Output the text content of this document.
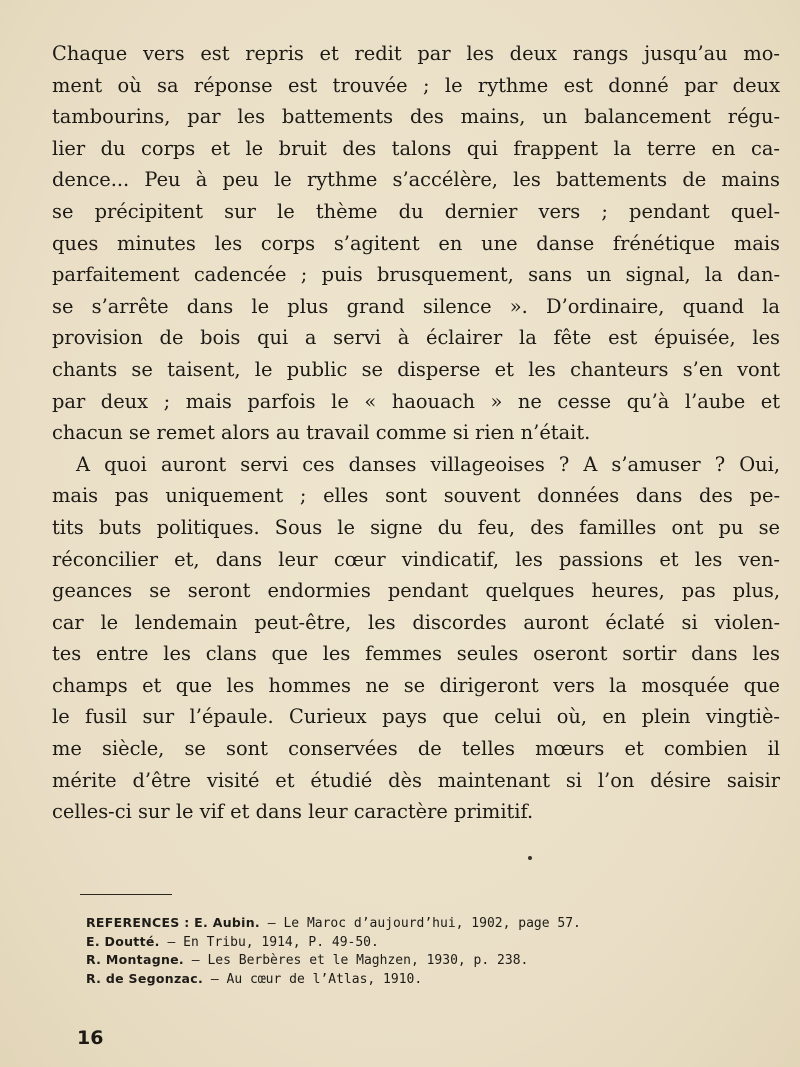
Chaque vers est repris et redit par les deux rangs jusqu’au mo-
ment où sa réponse est trouvée ; le rythme est donné par deux
tambourins, par les battements des mains, un balancement régu-
lier du corps et le bruit des talons qui frappent la terre en ca-
dence... Peu à peu le rythme s’accélère, les battements de mains
se précipitent sur le thème du dernier vers ; pendant quel-
ques minutes les corps s’agitent en une danse frénétique mais
parfaitement cadencée ; puis brusquement, sans un signal, la dan-
se s’arrête dans le plus grand silence ». D’ordinaire, quand la
provision de bois qui a servi à éclairer la fête est épuisée, les
chants se taisent, le public se disperse et les chanteurs s’en vont
par deux ; mais parfois le « haouach » ne cesse qu’à l’aube et
chacun se remet alors au travail comme si rien n’était.
A quoi auront servi ces danses villageoises ? A s’amuser ? Oui,
mais pas uniquement ; elles sont souvent données dans des pe-
tits buts politiques. Sous le signe du feu, des familles ont pu se
réconcilier et, dans leur cœur vindicatif, les passions et les ven-
geances se seront endormies pendant quelques heures, pas plus,
car le lendemain peut-être, les discordes auront éclaté si violen-
tes entre les clans que les femmes seules oseront sortir dans les
champs et que les hommes ne se dirigeront vers la mosquée que
le fusil sur l’épaule. Curieux pays que celui où, en plein vingtiè-
me siècle, se sont conservées de telles mœurs et combien il
mérite d’être visité et étudié dès maintenant si l’on désire saisir
celles-ci sur le vif et dans leur caractère primitif.
REFERENCES : E. Aubin. — Le Maroc d’aujourd’hui, 1902, page 57.
E. Doutté. — En Tribu, 1914, P. 49-50.
R. Montagne. — Les Berbères et le Maghzen, 1930, p. 238.
R. de Segonzac. — Au cœur de l’Atlas, 1910.
16
